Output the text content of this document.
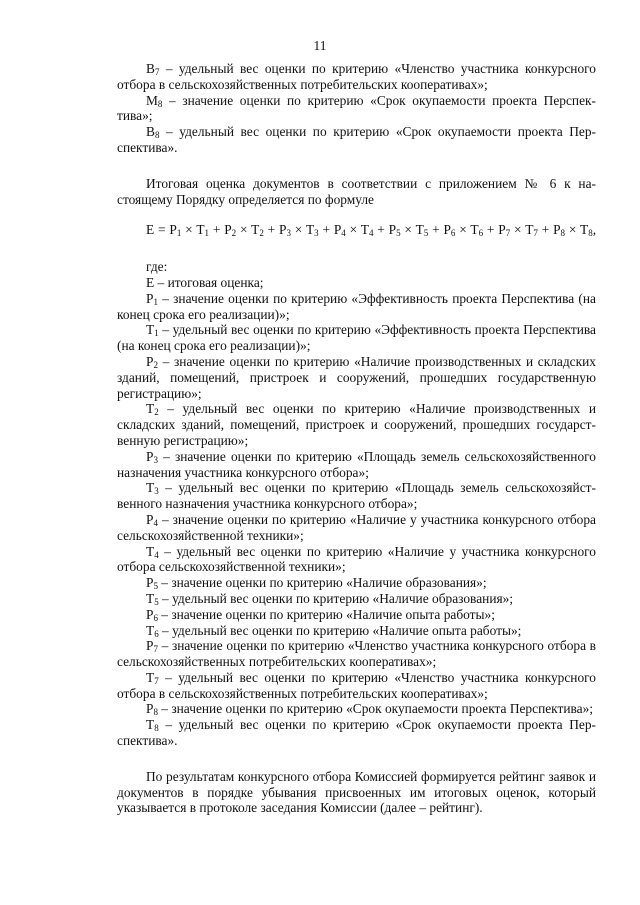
11

$B_7$ – удельный вес оценки по критерию «Членство участника конкурсного отбора в сельскохозяйственных потребительских кооперативах»;

$M_8$ – значение оценки по критерию «Срок окупаемости проекта Перспектива»;

$B_8$ – удельный вес оценки по критерию «Срок окупаемости проекта Перспектива».

Итоговая оценка документов в соответствии с приложением № 6 к настоящему Порядку определяется по формуле

$E = P_1 \times T_1 + P_2 \times T_2 + P_3 \times T_3 + P_4 \times T_4 + P_5 \times T_5 + P_6 \times T_6 + P_7 \times T_7 + P_8 \times T_8$,

где:

E – итоговая оценка;

$P_1$ – значение оценки по критерию «Эффективность проекта Перспектива (на конец срока его реализации)»;

$T_1$ – удельный вес оценки по критерию «Эффективность проекта Перспектива (на конец срока его реализации)»;

$P_2$ – значение оценки по критерию «Наличие производственных и складских зданий, помещений, пристроек и сооружений, прошедших государственную регистрацию»;

$T_2$ – удельный вес оценки по критерию «Наличие производственных и складских зданий, помещений, пристроек и сооружений, прошедших государственную регистрацию»;

$P_3$ – значение оценки по критерию «Площадь земель сельскохозяйственного назначения участника конкурсного отбора»;

$T_3$ – удельный вес оценки по критерию «Площадь земель сельскохозяйственного назначения участника конкурсного отбора»;

$P_4$ – значение оценки по критерию «Наличие у участника конкурсного отбора сельскохозяйственной техники»;

$T_4$ – удельный вес оценки по критерию «Наличие у участника конкурсного отбора сельскохозяйственной техники»;

$P_5$ – значение оценки по критерию «Наличие образования»;

$T_5$ – удельный вес оценки по критерию «Наличие образования»;

$P_6$ – значение оценки по критерию «Наличие опыта работы»;

$T_6$ – удельный вес оценки по критерию «Наличие опыта работы»;

$P_7$ – значение оценки по критерию «Членство участника конкурсного отбора в сельскохозяйственных потребительских кооперативах»;

$T_7$ – удельный вес оценки по критерию «Членство участника конкурсного отбора в сельскохозяйственных потребительских кооперативах»;

$P_8$ – значение оценки по критерию «Срок окупаемости проекта Перспектива»;

$T_8$ – удельный вес оценки по критерию «Срок окупаемости проекта Перспектива».

По результатам конкурсного отбора Комиссией формируется рейтинг заявок и документов в порядке убывания присвоенных им итоговых оценок, который указывается в протоколе заседания Комиссии (далее – рейтинг).
